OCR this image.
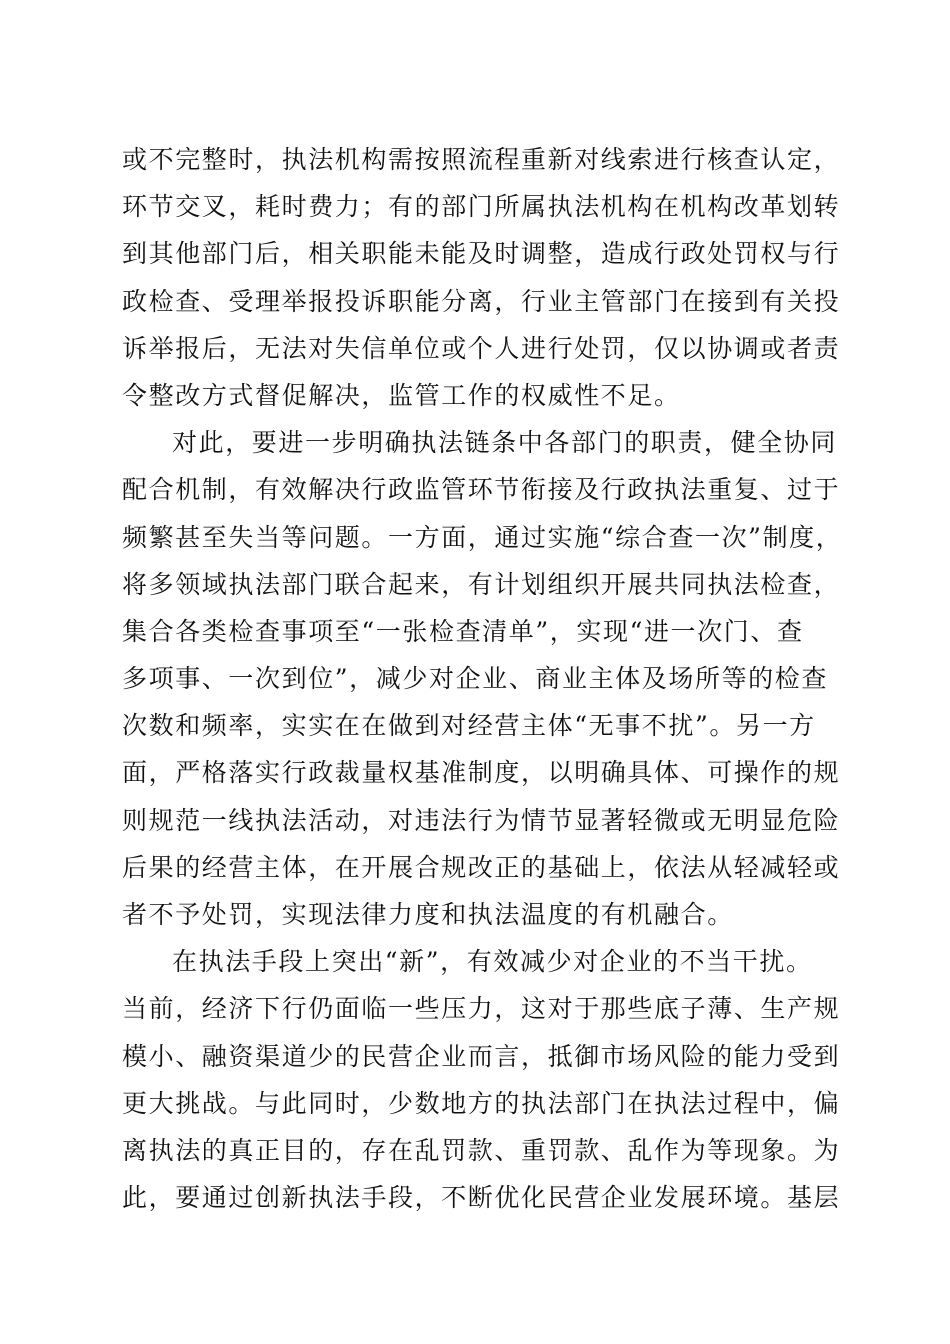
或不完整时，执法机构需按照流程重新对线索进行核查认定，
环节交叉，耗时费力；有的部门所属执法机构在机构改革划转
到其他部门后，相关职能未能及时调整，造成行政处罚权与行
政检查、受理举报投诉职能分离，行业主管部门在接到有关投
诉举报后，无法对失信单位或个人进行处罚，仅以协调或者责
令整改方式督促解决，监管工作的权威性不足。
对此，要进一步明确执法链条中各部门的职责，健全协同
配合机制，有效解决行政监管环节衔接及行政执法重复、过于
频繁甚至失当等问题。一方面，通过实施“综合查一次”制度，
将多领域执法部门联合起来，有计划组织开展共同执法检查，
集合各类检查事项至“一张检查清单”，实现“进一次门、查
多项事、一次到位”，减少对企业、商业主体及场所等的检查
次数和频率，实实在在做到对经营主体“无事不扰”。另一方
面，严格落实行政裁量权基准制度，以明确具体、可操作的规
则规范一线执法活动，对违法行为情节显著轻微或无明显危险
后果的经营主体，在开展合规改正的基础上，依法从轻减轻或
者不予处罚，实现法律力度和执法温度的有机融合。
在执法手段上突出“新”，有效减少对企业的不当干扰。
当前，经济下行仍面临一些压力，这对于那些底子薄、生产规
模小、融资渠道少的民营企业而言，抵御市场风险的能力受到
更大挑战。与此同时，少数地方的执法部门在执法过程中，偏
离执法的真正目的，存在乱罚款、重罚款、乱作为等现象。为
此，要通过创新执法手段，不断优化民营企业发展环境。基层
